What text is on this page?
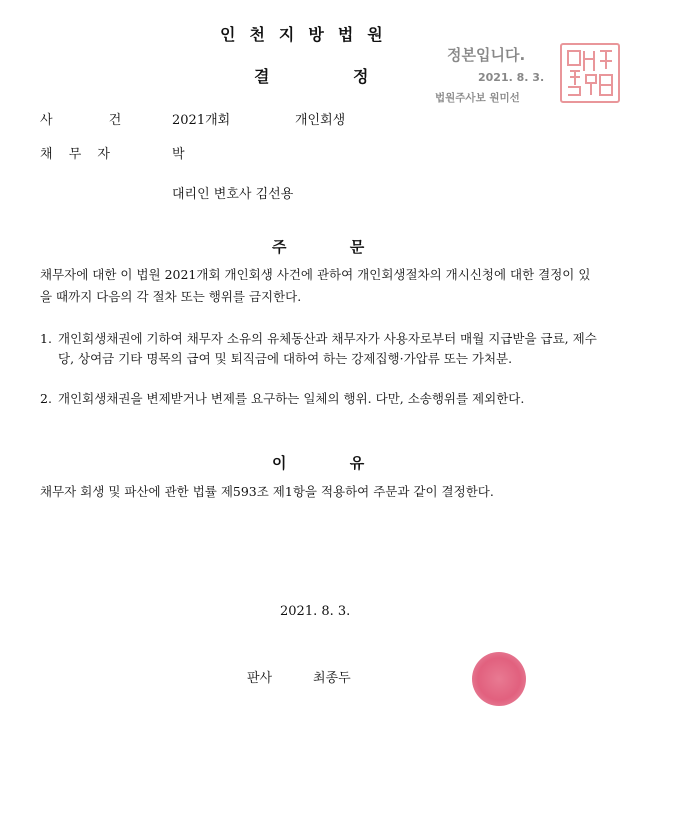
인천지방법원
결 정
정본입니다.
2021. 8. 3.
법원주사보 원미선
사 건	2021개회	개인회생
채 무 자	박
대리인 변호사 김선용
주 문
채무자에 대한 이 법원 2021개회 개인회생 사건에 관하여 개인회생절차의 개시신청에 대한 결정이 있을 때까지 다음의 각 절차 또는 행위를 금지한다.
1. 개인회생채권에 기하여 채무자 소유의 유체동산과 채무자가 사용자로부터 매월 지급받을 급료, 제수당, 상여금 기타 명목의 급여 및 퇴직금에 대하여 하는 강제집행·가압류 또는 가처분.
2. 개인회생채권을 변제받거나 변제를 요구하는 일체의 행위. 다만, 소송행위를 제외한다.
이 유
채무자 회생 및 파산에 관한 법률 제593조 제1항을 적용하여 주문과 같이 결정한다.
2021. 8. 3.
판사	최종두
